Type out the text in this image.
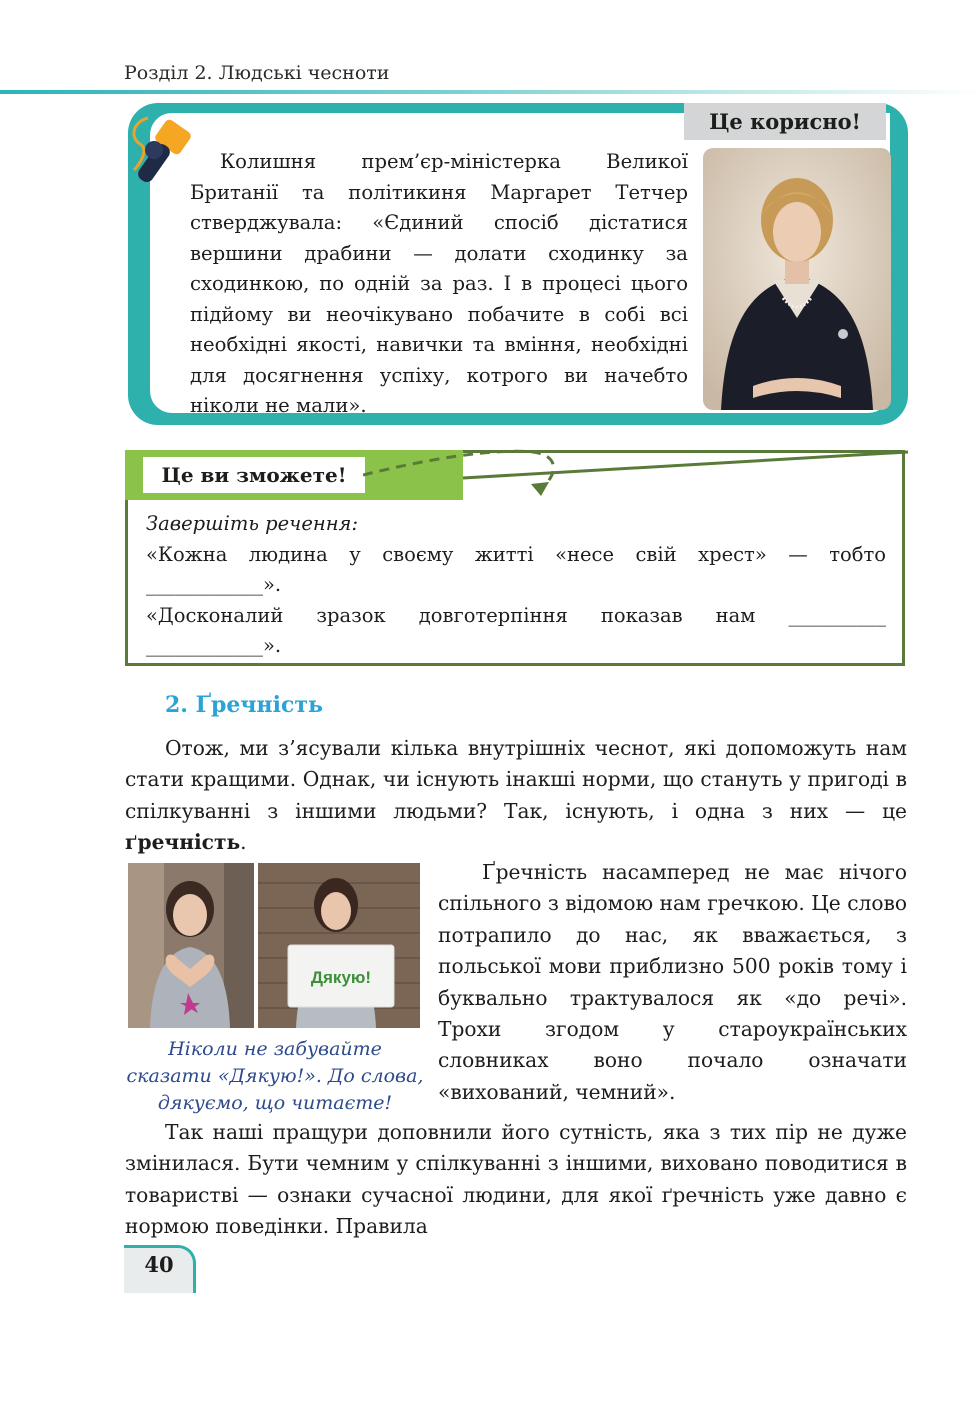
Розділ 2. Людські чесноти
Це корисно!
Колишня прем’єр-міністерка Великої Британії та політикиня Маргарет Тетчер стверджувала: «Єдиний спосіб дістатися вершини драбини — долати сходинку за сходинкою, по одній за раз. І в процесі цього підйому ви неочікувано побачите в собі всі необхідні якості, навички та вміння, необхідні для досягнення успіху, котрого ви начебто ніколи не мали».
Це ви зможете!
Завершіть речення:
«Кожна людина у своєму житті «несе свій хрест» — тобто
____________».
«Досконалий зразок довготерпіння показав нам __________
____________».
2. Ґречність
Отож, ми з’ясували кілька внутрішніх чеснот, які допоможуть нам стати кращими. Однак, чи існують інакші норми, що стануть у пригоді в спілкуванні з іншими людьми? Так, існують, і одна з них — це ґречність.
Дякую!
Ніколи не забувайте сказати «Дякую!». До слова, дякуємо, що читаєте!
Ґречність насамперед не має нічого спільного з відомою нам гречкою. Це слово потрапило до нас, як вважається, з польської мови приблизно 500 років тому і буквально трактувалося як «до речі». Трохи згодом у староукраїнських словниках воно почало означати «вихований, чемний».
Так наші пращури доповнили його сутність, яка з тих пір не дуже змінилася. Бути чемним у спілкуванні з іншими, виховано поводитися в товаристві — ознаки сучасної людини, для якої ґречність уже давно є нормою поведінки. Правила
40
